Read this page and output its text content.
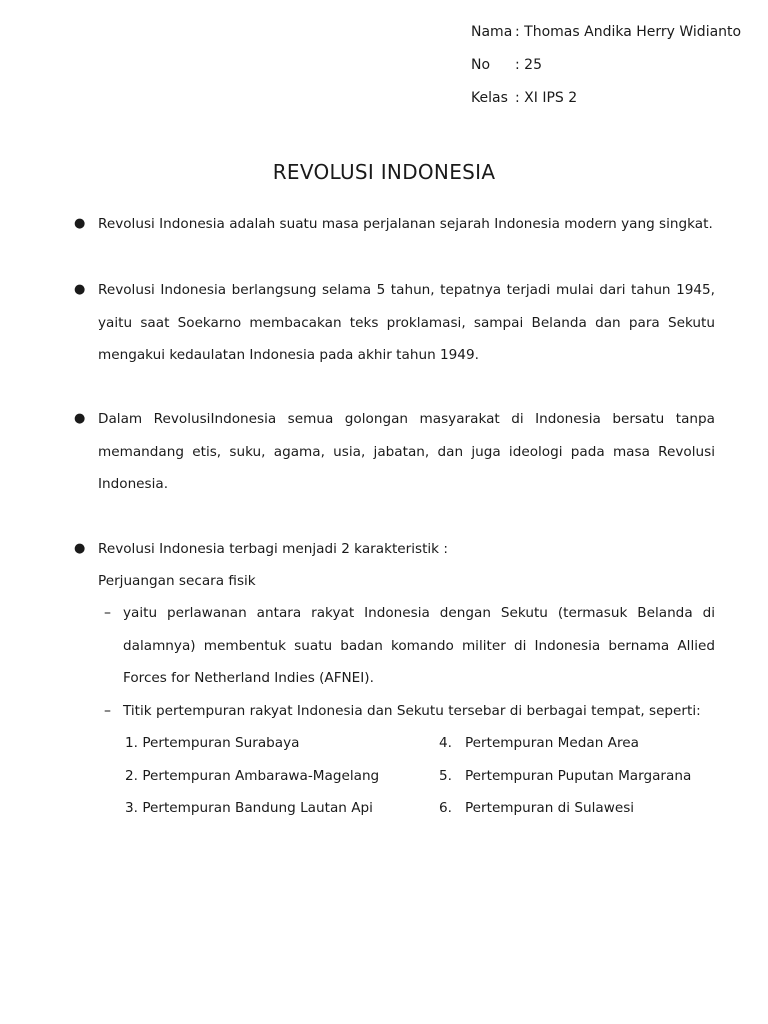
Nama : Thomas Andika Herry Widianto
No : 25
Kelas : XI IPS 2
REVOLUSI INDONESIA
● Revolusi Indonesia adalah suatu masa perjalanan sejarah Indonesia modern yang singkat.
● Revolusi Indonesia berlangsung selama 5 tahun, tepatnya terjadi mulai dari tahun 1945, yaitu saat Soekarno membacakan teks proklamasi, sampai Belanda dan para Sekutu mengakui kedaulatan Indonesia pada akhir tahun 1949.
● Dalam RevolusiIndonesia semua golongan masyarakat di Indonesia bersatu tanpa memandang etis, suku, agama, usia, jabatan, dan juga ideologi pada masa Revolusi Indonesia.
● Revolusi Indonesia terbagi menjadi 2 karakteristik :
Perjuangan secara fisik
– yaitu perlawanan antara rakyat Indonesia dengan Sekutu (termasuk Belanda di dalamnya) membentuk suatu badan komando militer di Indonesia bernama Allied Forces for Netherland Indies (AFNEI).
– Titik pertempuran rakyat Indonesia dan Sekutu tersebar di berbagai tempat, seperti:
1. Pertempuran Surabaya
2. Pertempuran Ambarawa-Magelang
3. Pertempuran Bandung Lautan Api
4. Pertempuran Medan Area
5. Pertempuran Puputan Margarana
6. Pertempuran di Sulawesi
